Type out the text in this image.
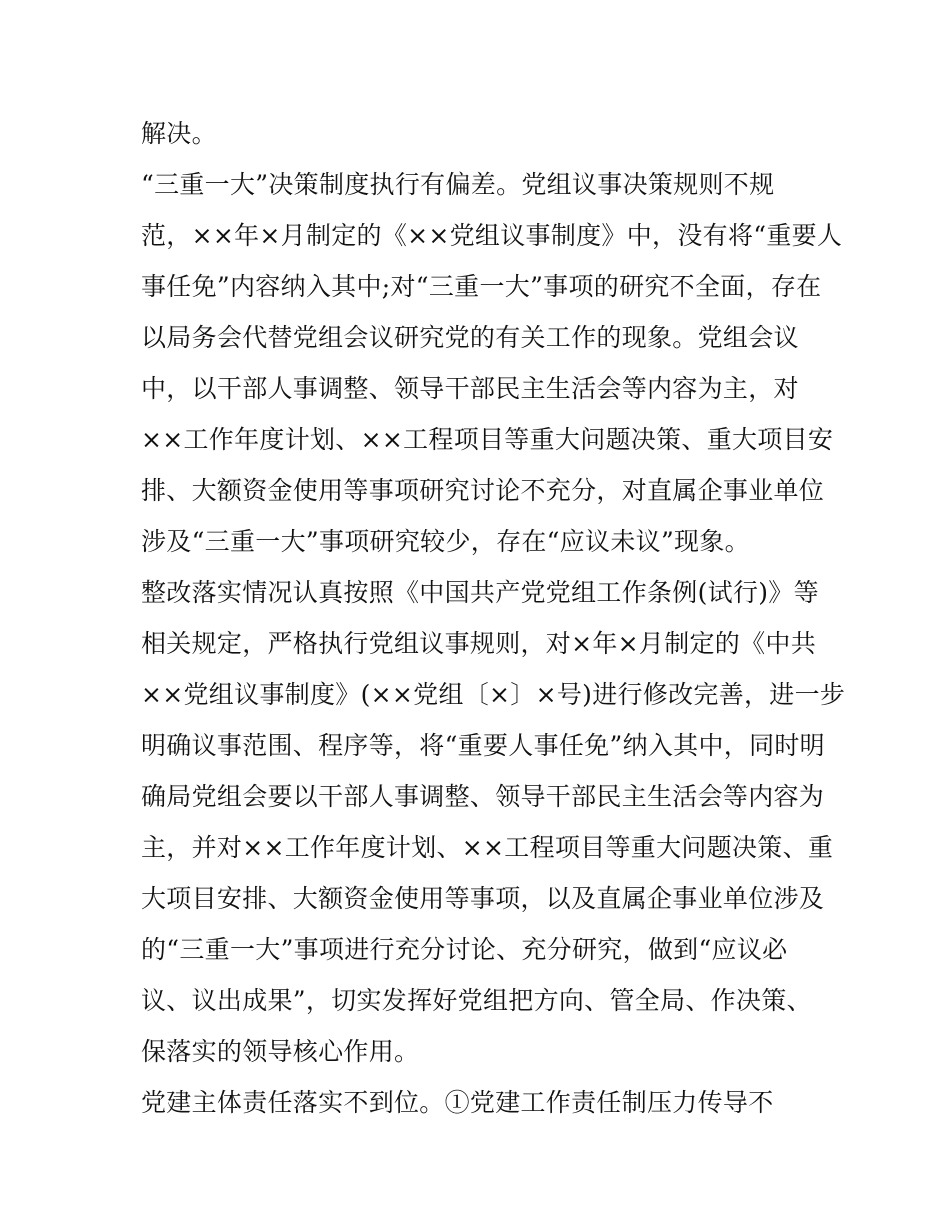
解决。
“三重一大”决策制度执行有偏差。党组议事决策规则不规
范，××年×月制定的《××党组议事制度》中，没有将“重要人
事任免”内容纳入其中;对“三重一大”事项的研究不全面，存在
以局务会代替党组会议研究党的有关工作的现象。党组会议
中，以干部人事调整、领导干部民主生活会等内容为主，对
××工作年度计划、××工程项目等重大问题决策、重大项目安
排、大额资金使用等事项研究讨论不充分，对直属企事业单位
涉及“三重一大”事项研究较少，存在“应议未议”现象。
整改落实情况认真按照《中国共产党党组工作条例(试行)》等
相关规定，严格执行党组议事规则，对×年×月制定的《中共
××党组议事制度》(××党组〔×〕×号)进行修改完善，进一步
明确议事范围、程序等，将“重要人事任免”纳入其中，同时明
确局党组会要以干部人事调整、领导干部民主生活会等内容为
主，并对××工作年度计划、××工程项目等重大问题决策、重
大项目安排、大额资金使用等事项，以及直属企事业单位涉及
的“三重一大”事项进行充分讨论、充分研究，做到“应议必
议、议出成果”，切实发挥好党组把方向、管全局、作决策、
保落实的领导核心作用。
党建主体责任落实不到位。①党建工作责任制压力传导不
